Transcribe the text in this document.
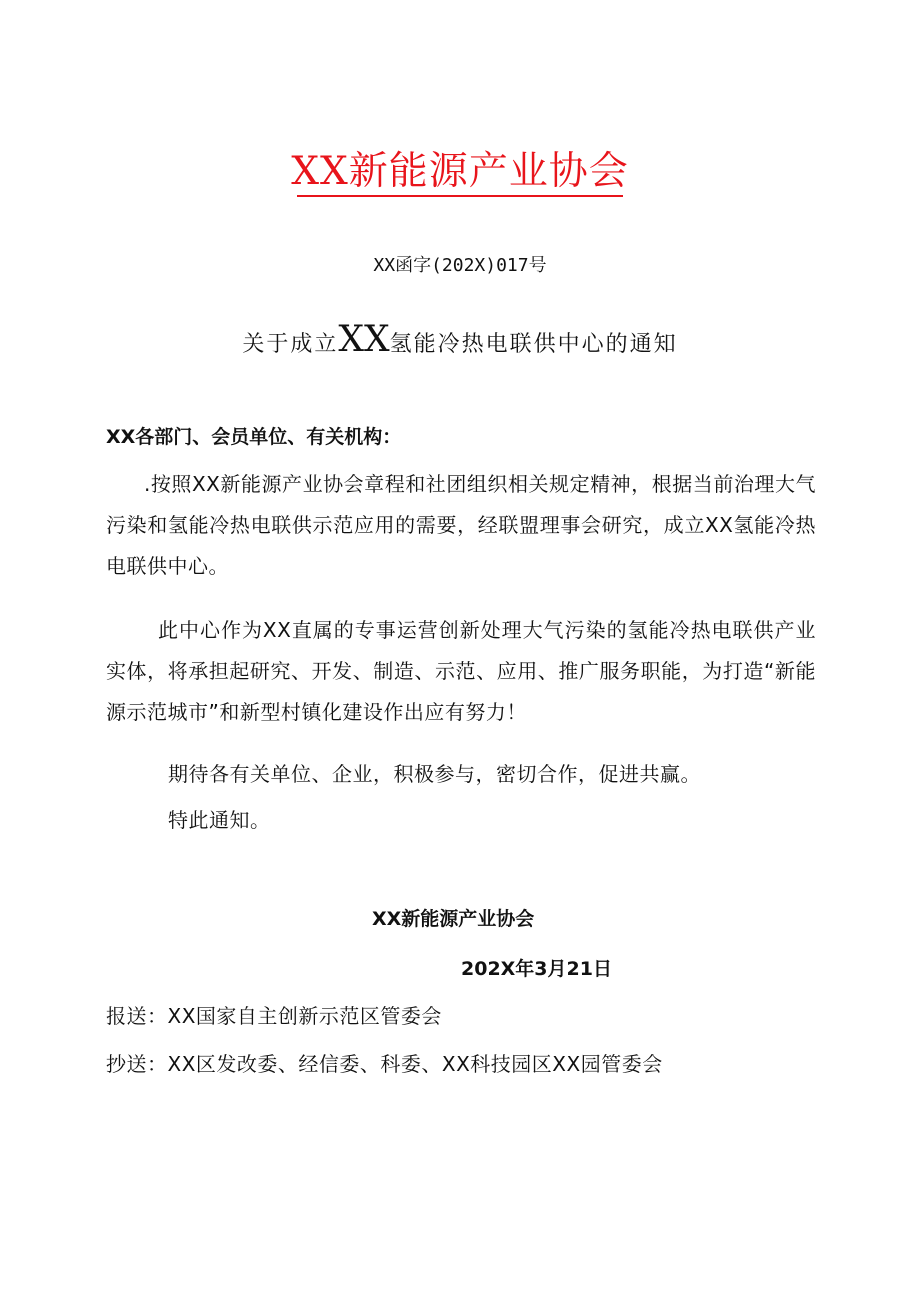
XX新能源产业协会
XX函字(202X)017号
关于成立XX氢能冷热电联供中心的通知
XX各部门、会员单位、有关机构：
.按照XX新能源产业协会章程和社团组织相关规定精神，根据当前治理大气污染和氢能冷热电联供示范应用的需要，经联盟理事会研究，成立XX氢能冷热电联供中心。
此中心作为XX直属的专事运营创新处理大气污染的氢能冷热电联供产业实体，将承担起研究、开发、制造、示范、应用、推广服务职能，为打造“新能源示范城市”和新型村镇化建设作出应有努力！
期待各有关单位、企业，积极参与，密切合作，促进共赢。
特此通知。
XX新能源产业协会
202X年3月21日
报送：XX国家自主创新示范区管委会
抄送：XX区发改委、经信委、科委、XX科技园区XX园管委会
